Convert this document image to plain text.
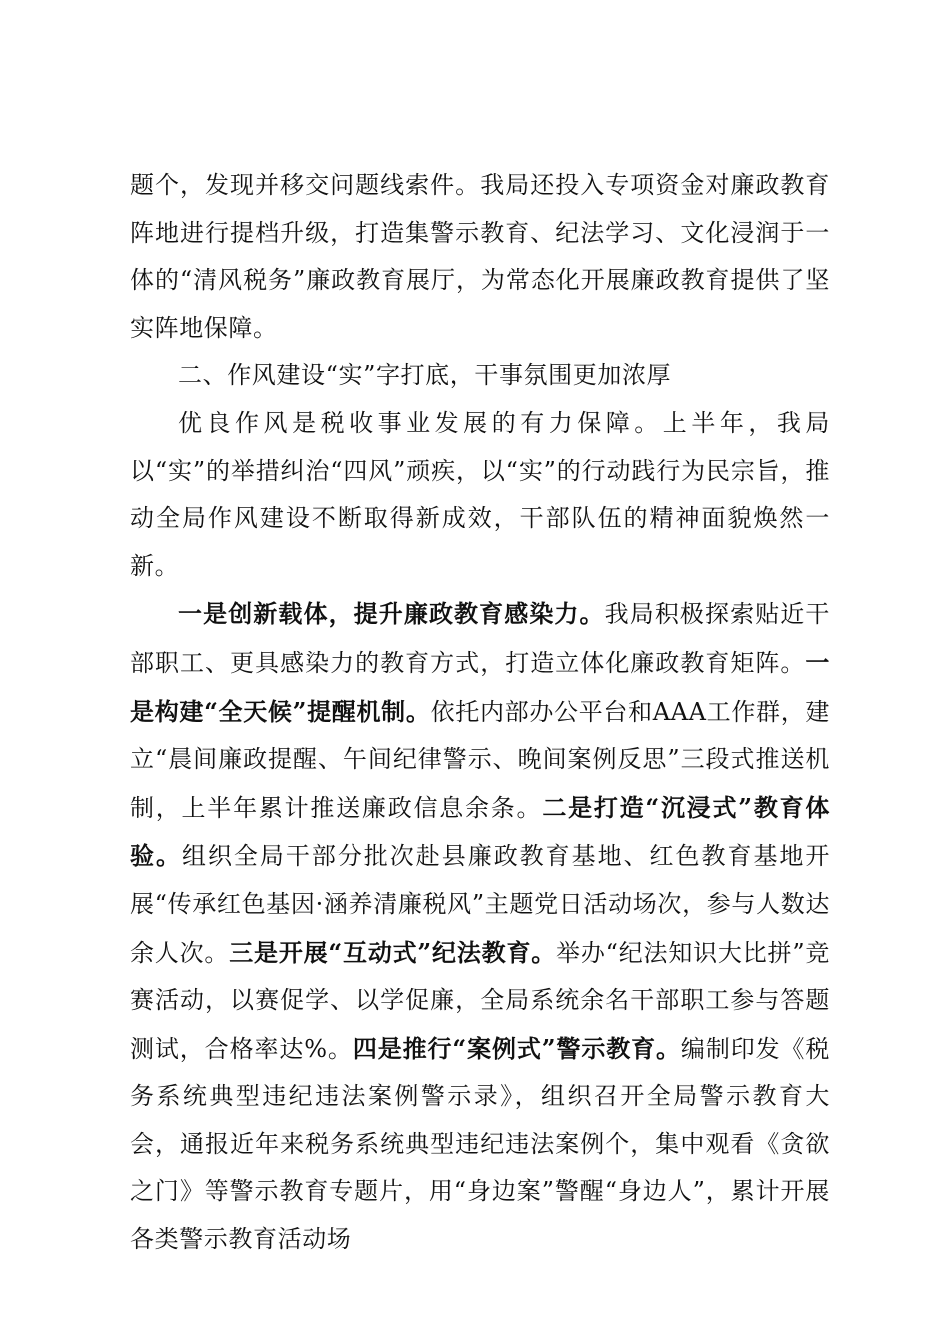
题个，发现并移交问题线索件。我局还投入专项资金对廉政教育阵地进行提档升级，打造集警示教育、纪法学习、文化浸润于一体的“清风税务”廉政教育展厅，为常态化开展廉政教育提供了坚实阵地保障。

二、作风建设“实”字打底，干事氛围更加浓厚

优良作风是税收事业发展的有力保障。上半年，我局以“实”的举措纠治“四风”顽疾，以“实”的行动践行为民宗旨，推动全局作风建设不断取得新成效，干部队伍的精神面貌焕然一新。

一是创新载体，提升廉政教育感染力。我局积极探索贴近干部职工、更具感染力的教育方式，打造立体化廉政教育矩阵。一是构建“全天候”提醒机制。依托内部办公平台和AAA工作群，建立“晨间廉政提醒、午间纪律警示、晚间案例反思”三段式推送机制，上半年累计推送廉政信息余条。二是打造“沉浸式”教育体验。组织全局干部分批次赴县廉政教育基地、红色教育基地开展“传承红色基因·涵养清廉税风”主题党日活动场次，参与人数达余人次。三是开展“互动式”纪法教育。举办“纪法知识大比拼”竞赛活动，以赛促学、以学促廉，全局系统余名干部职工参与答题测试，合格率达%。四是推行“案例式”警示教育。编制印发《税务系统典型违纪违法案例警示录》，组织召开全局警示教育大会，通报近年来税务系统典型违纪违法案例个，集中观看《贪欲之门》等警示教育专题片，用“身边案”警醒“身边人”，累计开展各类警示教育活动场
